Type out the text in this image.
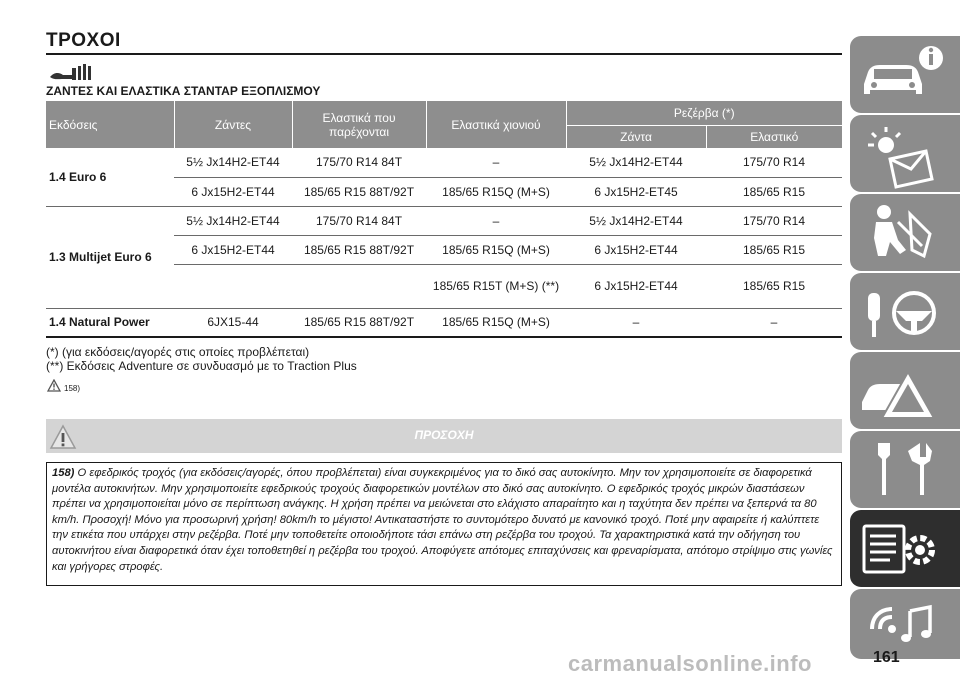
ΤΡΟΧΟΙ
ΖΑΝΤΕΣ ΚΑΙ ΕΛΑΣΤΙΚΑ ΣΤΑΝΤΑΡ ΕΞΟΠΛΙΣΜΟΥ
Εκδόσεις	Ζάντες	Ελαστικά που παρέχονται	Ελαστικά χιονιού	Ρεζέρβα (*)	
				Ζάντα	Ελαστικό
1.4 Euro 6	5½ Jx14H2-ET44	175/70 R14 84T	–	5½ Jx14H2-ET44	175/70 R14
	6 Jx15H2-ET44	185/65 R15 88T/92T	185/65 R15Q (M+S)	6 Jx15H2-ET45	185/65 R15
1.3 Multijet Euro 6	5½ Jx14H2-ET44	175/70 R14 84T	–	5½ Jx14H2-ET44	175/70 R14
	6 Jx15H2-ET44	185/65 R15 88T/92T	185/65 R15Q (M+S)	6 Jx15H2-ET44	185/65 R15
			185/65 R15T (M+S) (**)	6 Jx15H2-ET44	185/65 R15
1.4 Natural Power	6JX15-44	185/65 R15 88T/92T	185/65 R15Q (M+S)	–	–
(*) (για εκδόσεις/αγορές στις οποίες προβλέπεται)
(**) Εκδόσεις Adventure σε συνδυασμό με το Traction Plus
158)
ΠΡΟΣΟΧΗ

158) Ο εφεδρικός τροχός (για εκδόσεις/αγορές, όπου προβλέπεται) είναι συγκεκριμένος για το δικό σας αυτοκίνητο. Μην τον χρησιμοποιείτε σε διαφορετικά μοντέλα αυτοκινήτων. Μην χρησιμοποιείτε εφεδρικούς τροχούς διαφορετικών μοντέλων στο δικό σας αυτοκίνητο. Ο εφεδρικός τροχός μικρών διαστάσεων πρέπει να χρησιμοποιείται μόνο σε περίπτωση ανάγκης. Η χρήση πρέπει να μειώνεται στο ελάχιστο απαραίτητο και η ταχύτητα δεν πρέπει να ξεπερνά τα 80 km/h. Προσοχή! Μόνο για προσωρινή χρήση! 80km/h το μέγιστο! Αντικαταστήστε το συντομότερο δυνατό με κανονικό τροχό. Ποτέ μην αφαιρείτε ή καλύπτετε την ετικέτα που υπάρχει στην ρεζέρβα. Ποτέ μην τοποθετείτε οποιοδήποτε τάσι επάνω στη ρεζέρβα του τροχού. Τα χαρακτηριστικά κατά την οδήγηση του αυτοκινήτου είναι διαφορετικά όταν έχει τοποθετηθεί η ρεζέρβα του τροχού. Αποφύγετε απότομες επιταχύνσεις και φρεναρίσματα, απότομο στρίψιμο στις γωνίες και γρήγορες στροφές.

carmanualsonline.info	161
